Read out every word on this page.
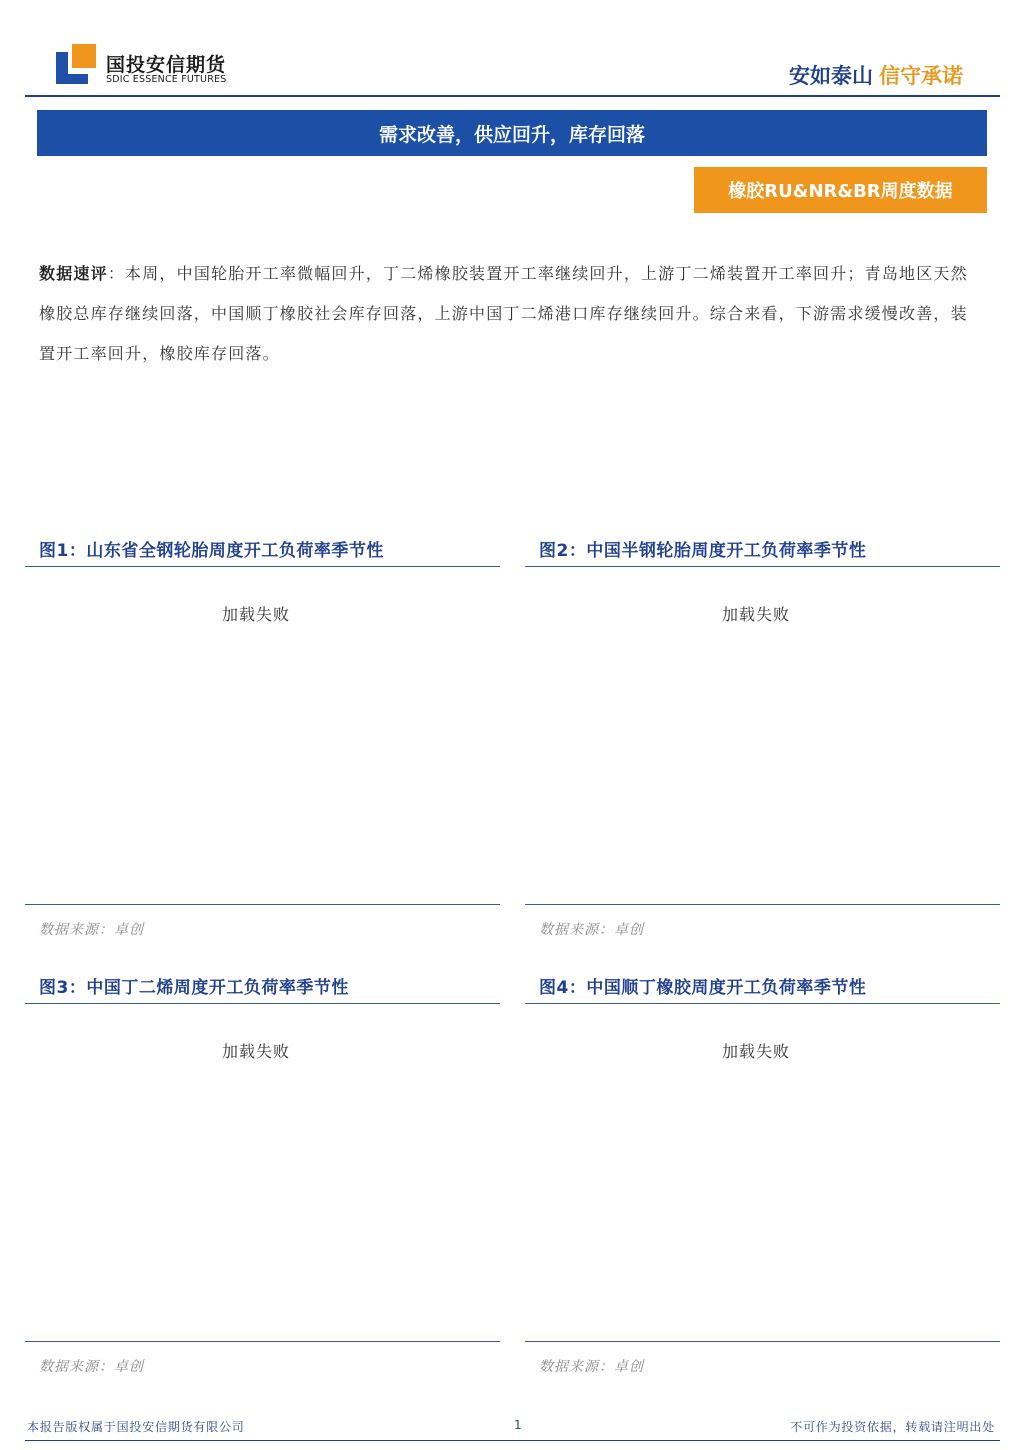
国投安信期货
SDIC ESSENCE FUTURES	安如泰山 信守承诺
需求改善，供应回升，库存回落
橡胶RU&NR&BR周度数据
数据速评：本周，中国轮胎开工率微幅回升，丁二烯橡胶装置开工率继续回升，上游丁二烯装置开工率回升；青岛地区天然橡胶总库存继续回落，中国顺丁橡胶社会库存回落，上游中国丁二烯港口库存继续回升。综合来看，下游需求缓慢改善，装置开工率回升，橡胶库存回落。
图1：山东省全钢轮胎周度开工负荷率季节性
加载失败
数据来源：卓创
图2：中国半钢轮胎周度开工负荷率季节性
加载失败
数据来源：卓创
图3：中国丁二烯周度开工负荷率季节性
加载失败
数据来源：卓创
图4：中国顺丁橡胶周度开工负荷率季节性
加载失败
数据来源：卓创
本报告版权属于国投安信期货有限公司	1	不可作为投资依据，转载请注明出处
